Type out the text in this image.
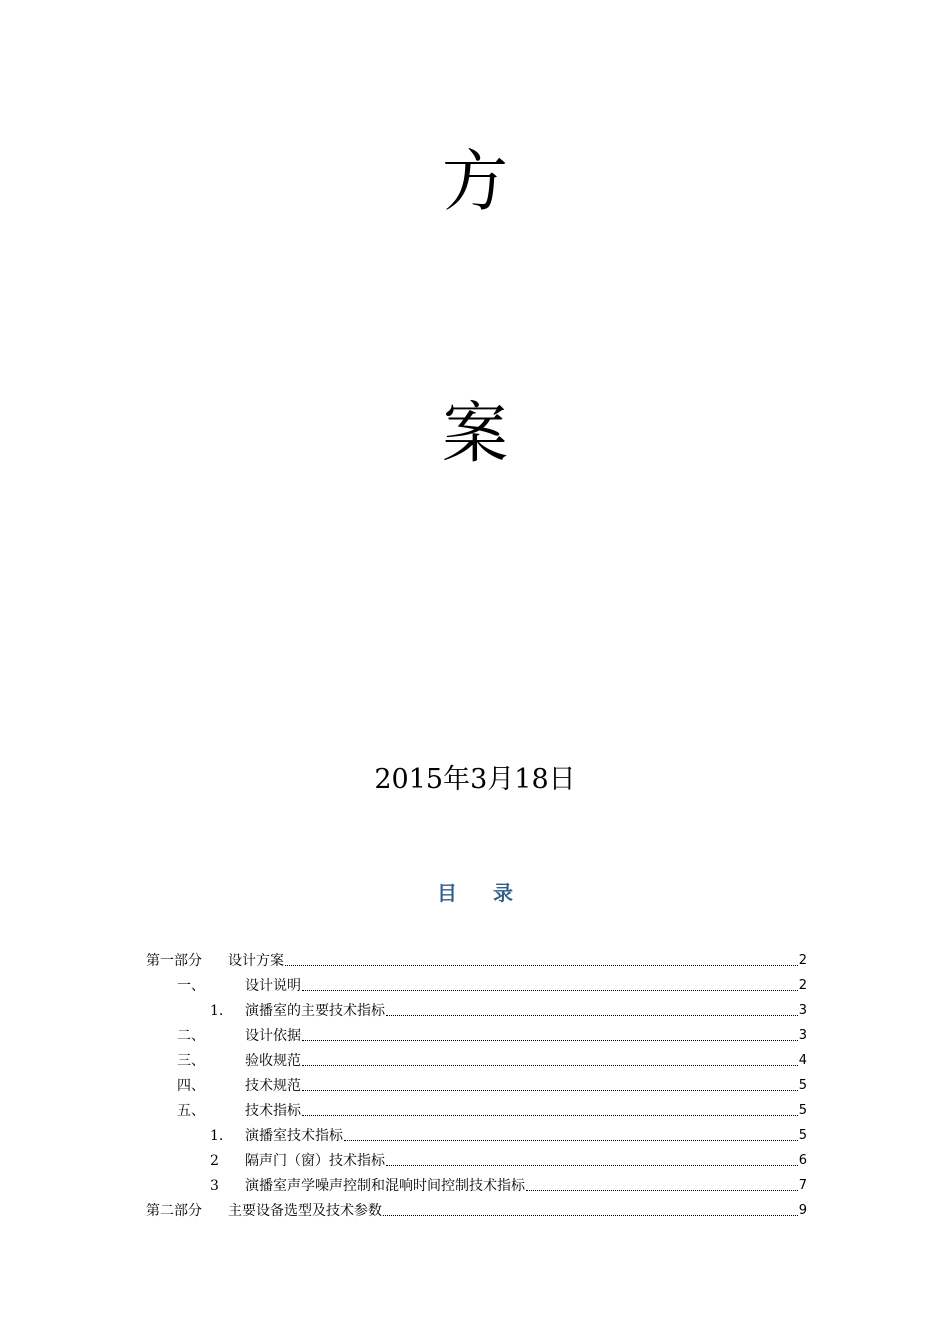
方
案
2015年3月18日
目 录
第一部分	设计方案	2
一、	设计说明	2
1.	演播室的主要技术指标	3
二、	设计依据	3
三、	验收规范	4
四、	技术规范	5
五、	技术指标	5
1.	演播室技术指标	5
2	隔声门（窗）技术指标	6
3	演播室声学噪声控制和混响时间控制技术指标	7
第二部分	主要设备选型及技术参数	9
